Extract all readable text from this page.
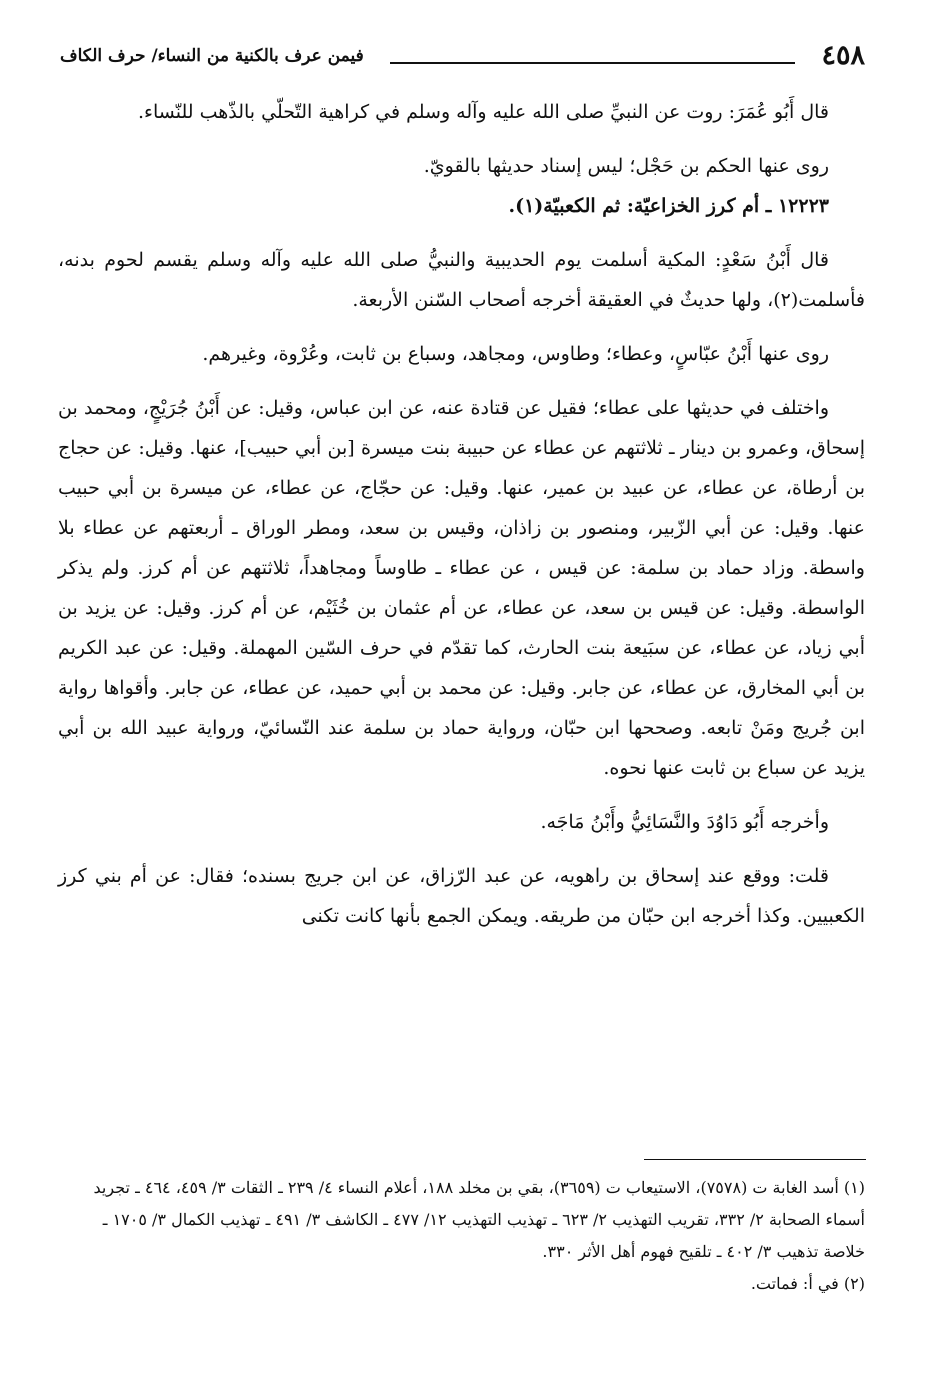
فيمن عرف بالكنية من النساء/ حرف الكاف	٤٥٨

قال أَبُو عُمَرَ: روت عن النبيِّ صلى الله عليه وآله وسلم في كراهية التّحلّي بالذّهب للنّساء.

روى عنها الحكم بن حَجْل؛ ليس إسناد حديثها بالقويّ.

١٢٢٢٣ ـ أم كرز الخزاعيّة: ثم الكعبيّة(١).

قال أَبْنُ سَعْدٍ: المكية أسلمت يوم الحديبية والنبيُّ صلى الله عليه وآله وسلم يقسم لحوم بدنه، فأسلمت(٢)، ولها حديثٌ في العقيقة أخرجه أصحاب السّنن الأربعة.

روى عنها أَبْنُ عبّاسٍ، وعطاء؛ وطاوس، ومجاهد، وسباع بن ثابت، وعُرْوة، وغيرهم.

واختلف في حديثها على عطاء؛ فقيل عن قتادة عنه، عن ابن عباس، وقيل: عن أَبْنُ جُرَيْجٍ، ومحمد بن إسحاق، وعمرو بن دينار ـ ثلاثتهم عن عطاء عن حبيبة بنت ميسرة [بن أبي حبيب]، عنها. وقيل: عن حجاج بن أرطاة، عن عطاء، عن عبيد بن عمير، عنها. وقيل: عن حجّاج، عن عطاء، عن ميسرة بن أبي حبيب عنها. وقيل: عن أبي الزّبير، ومنصور بن زاذان، وقيس بن سعد، ومطر الوراق ـ أربعتهم عن عطاء بلا واسطة. وزاد حماد بن سلمة: عن قيس ، عن عطاء ـ طاوساً ومجاهداً، ثلاثتهم عن أم كرز. ولم يذكر الواسطة. وقيل: عن قيس بن سعد، عن عطاء، عن أم عثمان بن خُثَيْم، عن أم كرز. وقيل: عن يزيد بن أبي زياد، عن عطاء، عن سبَيعة بنت الحارث، كما تقدّم في حرف السّين المهملة. وقيل: عن عبد الكريم بن أبي المخارق، عن عطاء، عن جابر. وقيل: عن محمد بن أبي حميد، عن عطاء، عن جابر. وأقواها رواية ابن جُريج ومَنْ تابعه. وصححها ابن حبّان، ورواية حماد بن سلمة عند النّسائيّ، ورواية عبيد الله بن أبي يزيد عن سباع بن ثابت عنها نحوه.

وأخرجه أَبُو دَاوُدَ والنَّسَائِيُّ وأَبْنُ مَاجَه.

قلت: ووقع عند إسحاق بن راهويه، عن عبد الرّزاق، عن ابن جريج بسنده؛ فقال: عن أم بني كرز الكعبيين. وكذا أخرجه ابن حبّان من طريقه. ويمكن الجمع بأنها كانت تكنى

(١) أسد الغابة ت (٧٥٧٨)، الاستيعاب ت (٣٦٥٩)، بقي بن مخلد ١٨٨، أعلام النساء ٤/ ٢٣٩ ـ الثقات ٣/ ٤٥٩، ٤٦٤ ـ تجريد أسماء الصحابة ٢/ ٣٣٢، تقريب التهذيب ٢/ ٦٢٣ ـ تهذيب التهذيب ١٢/ ٤٧٧ ـ الكاشف ٣/ ٤٩١ ـ تهذيب الكمال ٣/ ١٧٠٥ ـ خلاصة تذهيب ٣/ ٤٠٢ ـ تلقيح فهوم أهل الأثر ٣٣٠.

(٢) في أ: فماتت.
